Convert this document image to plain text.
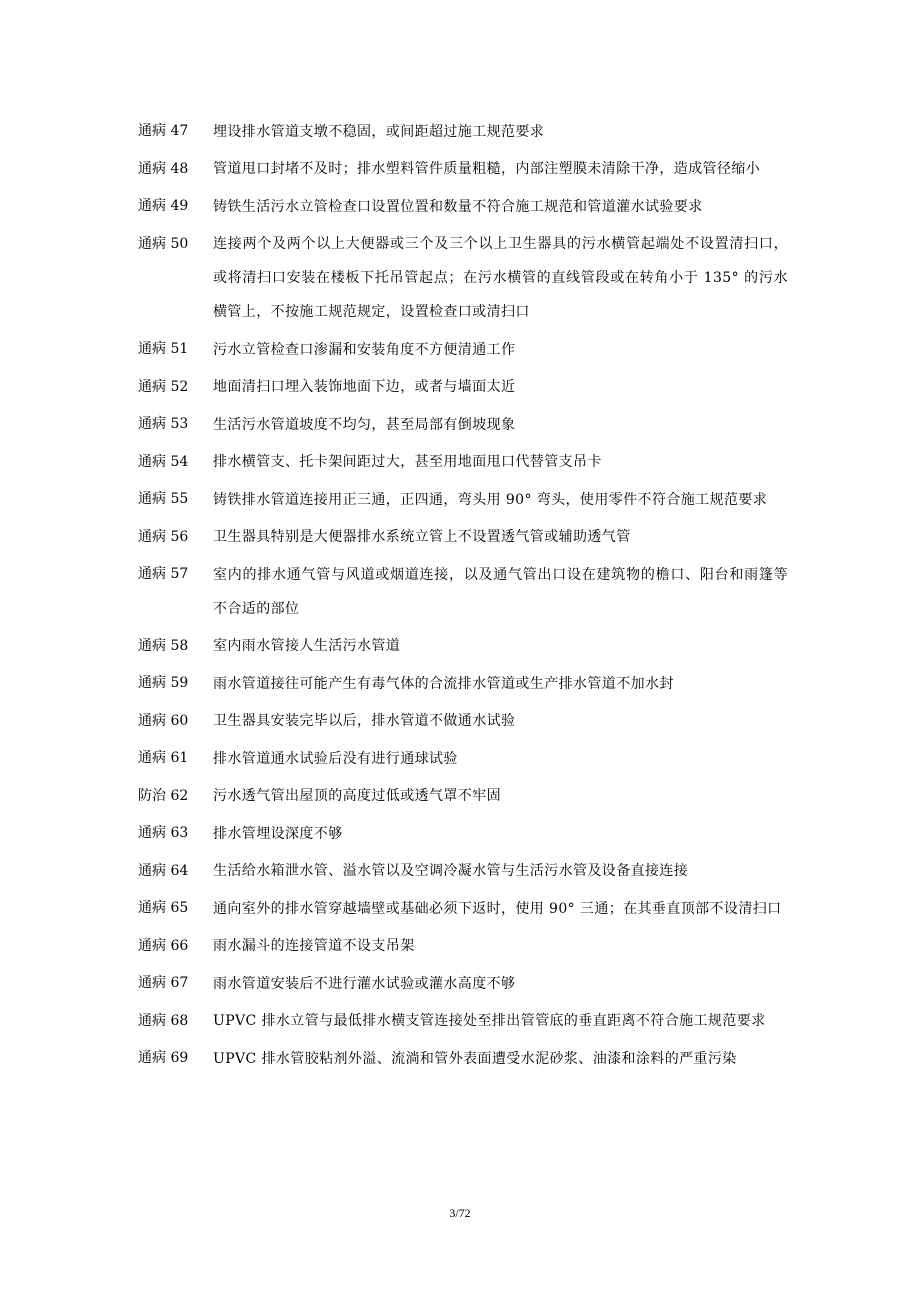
通病 47	埋设排水管道支墩不稳固，或间距超过施工规范要求
通病 48	管道甩口封堵不及时；排水塑料管件质量粗糙，内部注塑膜未清除干净，造成管径缩小
通病 49	铸铁生活污水立管检查口设置位置和数量不符合施工规范和管道灌水试验要求
通病 50	连接两个及两个以上大便器或三个及三个以上卫生器具的污水横管起端处不设置清扫口，或将清扫口安装在楼板下托吊管起点；在污水横管的直线管段或在转角小于 135° 的污水横管上，不按施工规范规定，设置检查口或清扫口
通病 51	污水立管检查口渗漏和安装角度不方便清通工作
通病 52	地面清扫口埋入装饰地面下边，或者与墙面太近
通病 53	生活污水管道坡度不均匀，甚至局部有倒坡现象
通病 54	排水横管支、托卡架间距过大，甚至用地面甩口代替管支吊卡
通病 55	铸铁排水管道连接用正三通，正四通，弯头用 90° 弯头，使用零件不符合施工规范要求
通病 56	卫生器具特别是大便器排水系统立管上不设置透气管或辅助透气管
通病 57	室内的排水通气管与风道或烟道连接，以及通气管出口设在建筑物的檐口、阳台和雨篷等不合适的部位
通病 58	室内雨水管接人生活污水管道
通病 59	雨水管道接往可能产生有毒气体的合流排水管道或生产排水管道不加水封
通病 60	卫生器具安装完毕以后，排水管道不做通水试验
通病 61	排水管道通水试验后没有进行通球试验
防治 62	污水透气管出屋顶的高度过低或透气罩不牢固
通病 63	排水管埋设深度不够
通病 64	生活给水箱泄水管、溢水管以及空调冷凝水管与生活污水管及设备直接连接
通病 65	通向室外的排水管穿越墙壁或基础必须下返时，使用 90° 三通；在其垂直顶部不设清扫口
通病 66	雨水漏斗的连接管道不设支吊架
通病 67	雨水管道安装后不进行灌水试验或灌水高度不够
通病 68	UPVC 排水立管与最低排水横支管连接处至排出管管底的垂直距离不符合施工规范要求
通病 69	UPVC 排水管胶粘剂外溢、流淌和管外表面遭受水泥砂浆、油漆和涂料的严重污染
3/72
